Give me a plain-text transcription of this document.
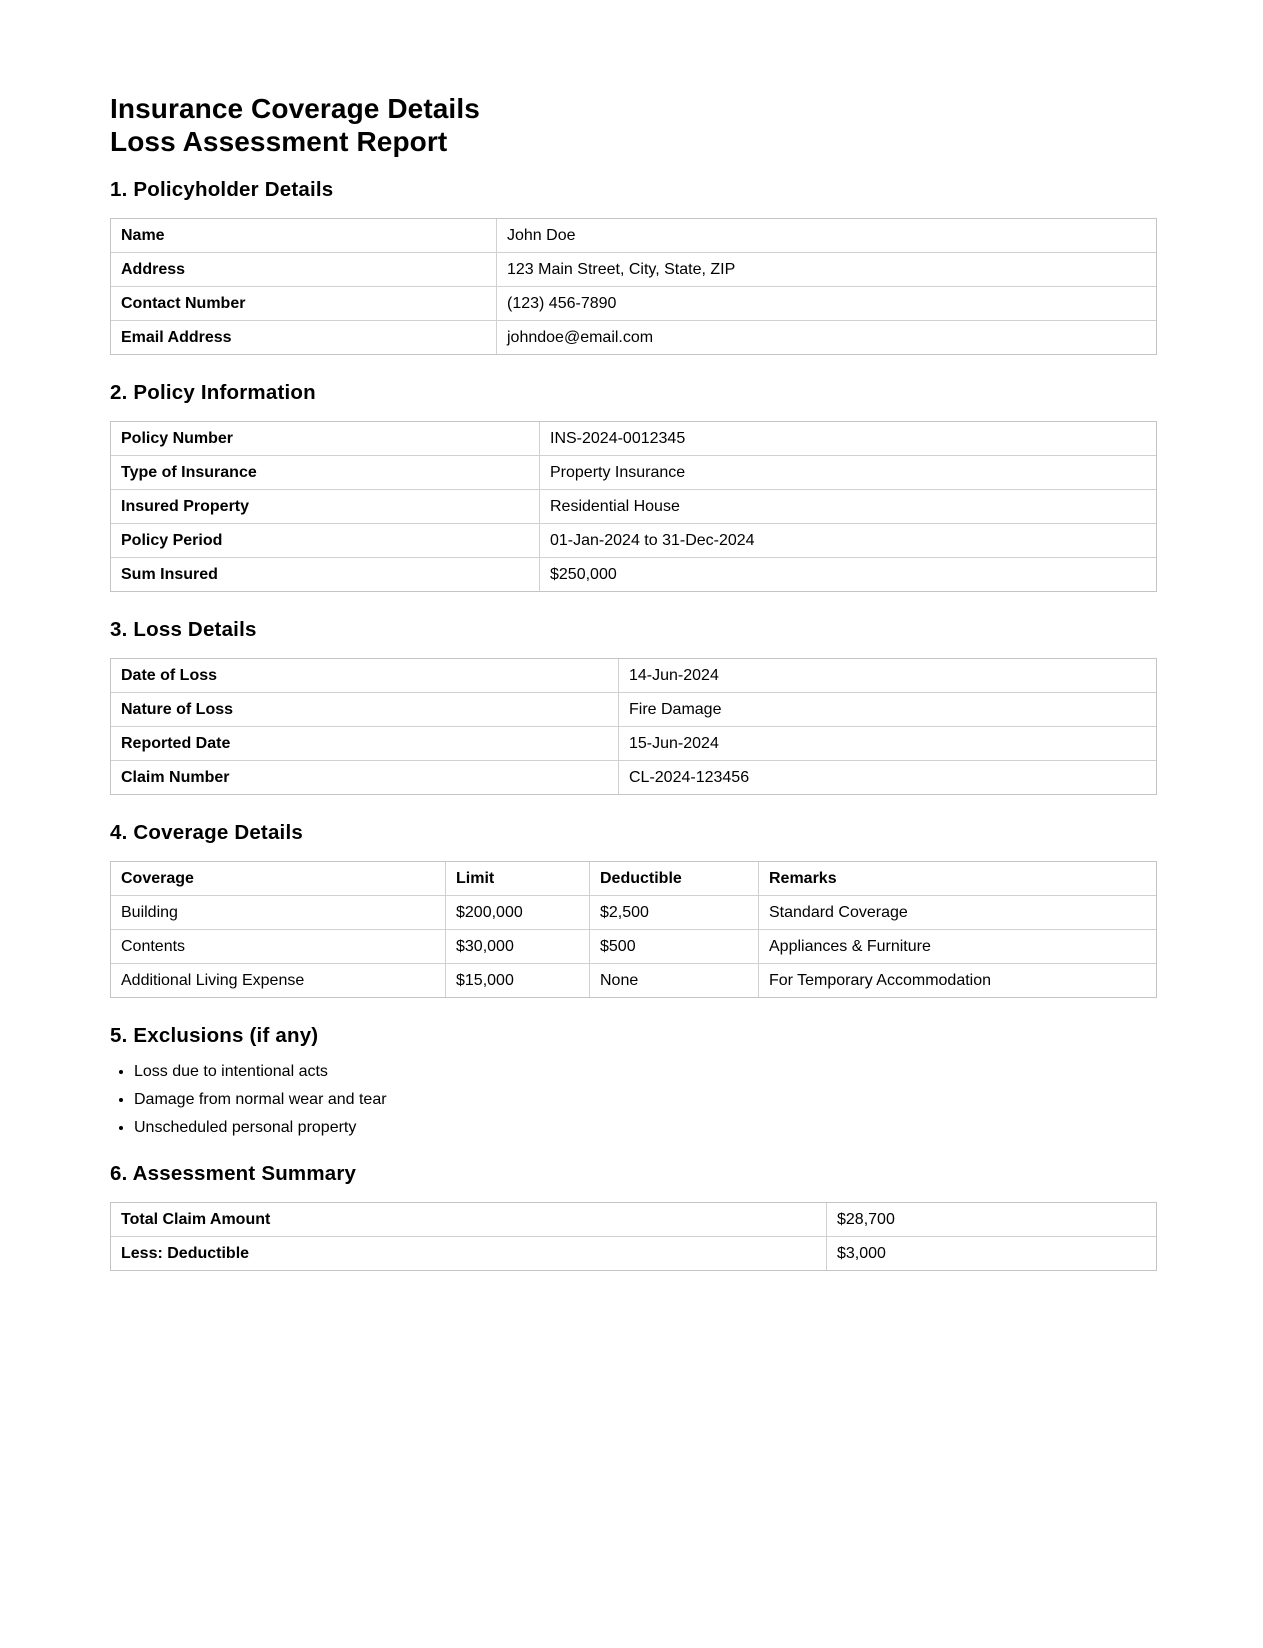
Insurance Coverage Details
Loss Assessment Report
1. Policyholder Details
Name	John Doe
Address	123 Main Street, City, State, ZIP
Contact Number	(123) 456-7890
Email Address	johndoe@email.com
2. Policy Information
Policy Number	INS-2024-0012345
Type of Insurance	Property Insurance
Insured Property	Residential House
Policy Period	01-Jan-2024 to 31-Dec-2024
Sum Insured	$250,000
3. Loss Details
Date of Loss	14-Jun-2024
Nature of Loss	Fire Damage
Reported Date	15-Jun-2024
Claim Number	CL-2024-123456
4. Coverage Details
Coverage	Limit	Deductible	Remarks
Building	$200,000	$2,500	Standard Coverage
Contents	$30,000	$500	Appliances & Furniture
Additional Living Expense	$15,000	None	For Temporary Accommodation
5. Exclusions (if any)
• Loss due to intentional acts
• Damage from normal wear and tear
• Unscheduled personal property
6. Assessment Summary
Total Claim Amount	$28,700
Less: Deductible	$3,000
